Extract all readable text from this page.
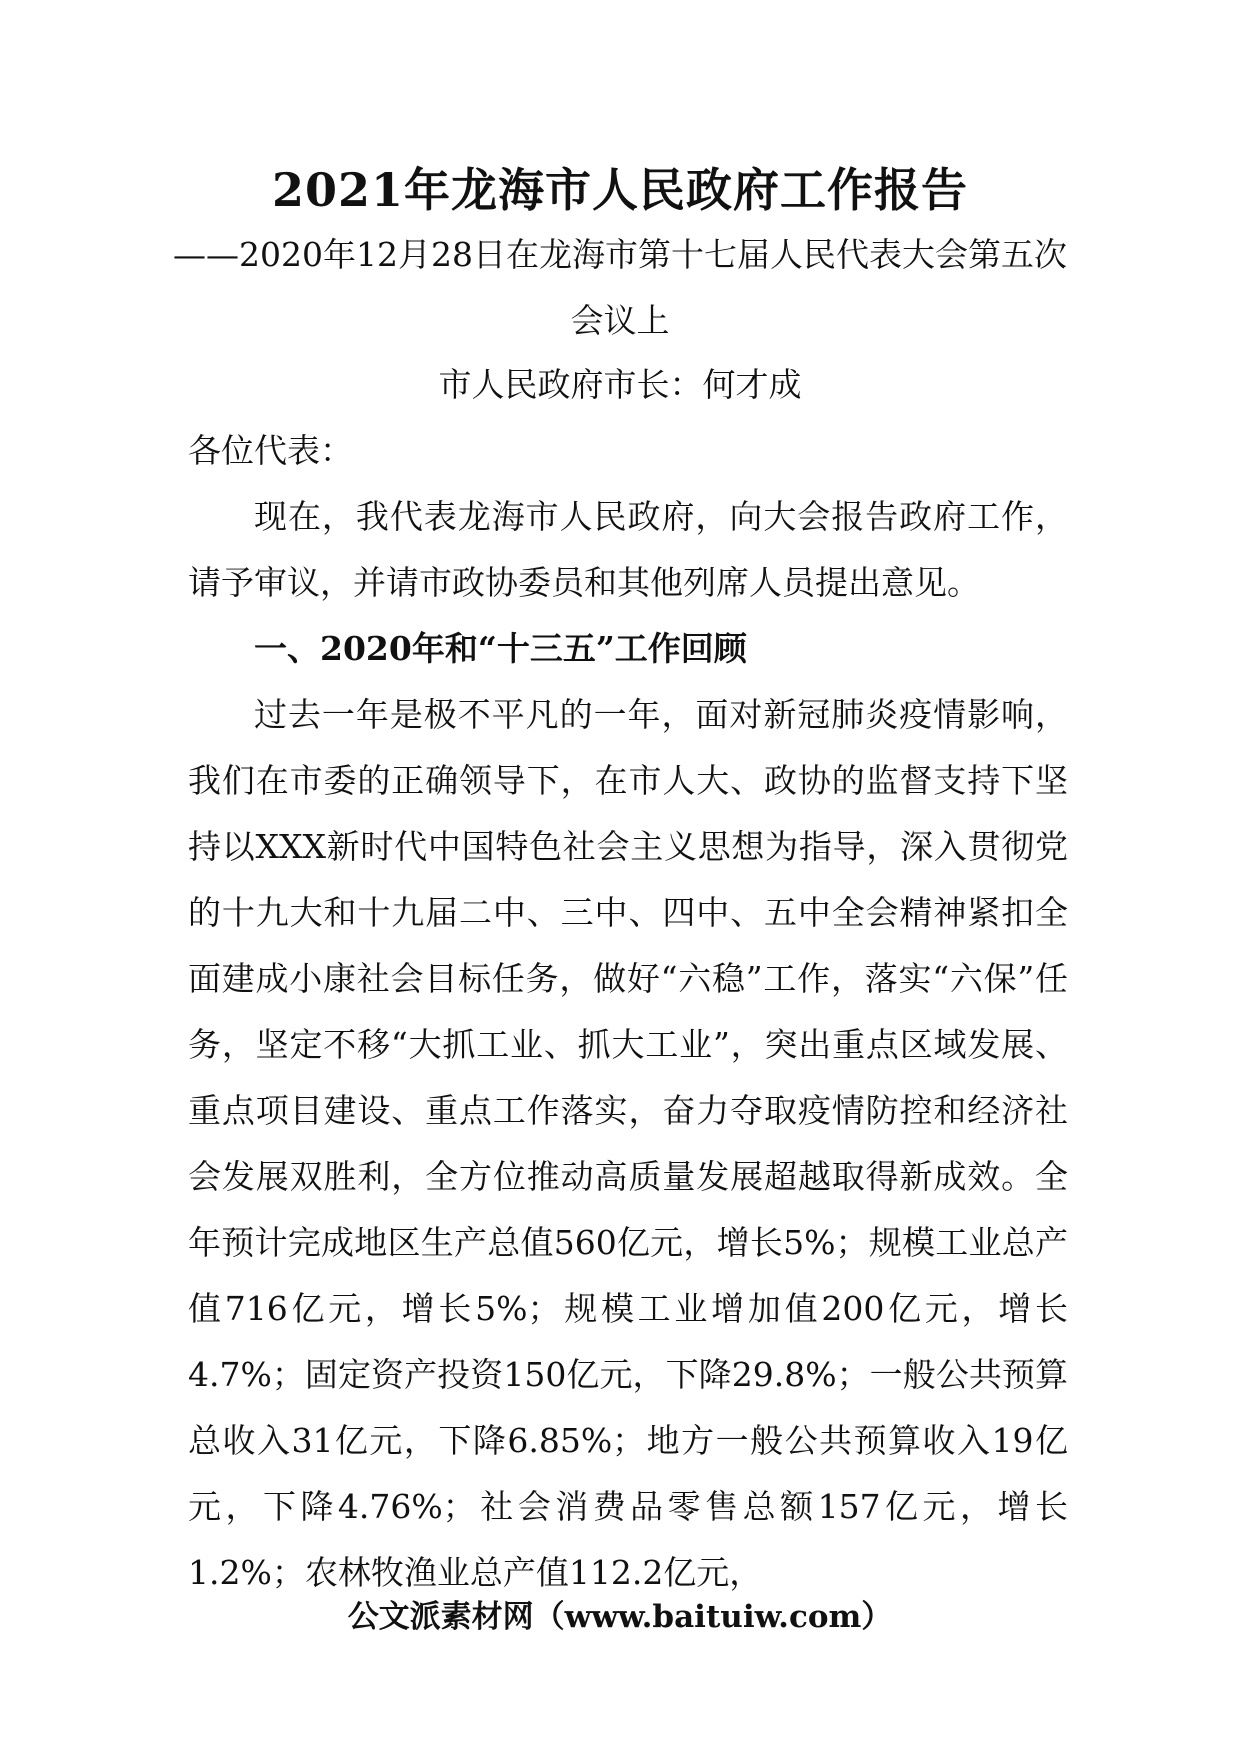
2021年龙海市人民政府工作报告
——2020年12月28日在龙海市第十七届人民代表大会第五次会议上
市人民政府市长：何才成

各位代表：

现在，我代表龙海市人民政府，向大会报告政府工作，请予审议，并请市政协委员和其他列席人员提出意见。

一、2020年和“十三五”工作回顾

过去一年是极不平凡的一年，面对新冠肺炎疫情影响，我们在市委的正确领导下，在市人大、政协的监督支持下坚持以XXX新时代中国特色社会主义思想为指导，深入贯彻党的十九大和十九届二中、三中、四中、五中全会精神紧扣全面建成小康社会目标任务，做好“六稳”工作，落实“六保”任务，坚定不移“大抓工业、抓大工业”，突出重点区域发展、重点项目建设、重点工作落实，奋力夺取疫情防控和经济社会发展双胜利，全方位推动高质量发展超越取得新成效。全年预计完成地区生产总值560亿元，增长5%；规模工业总产值716亿元，增长5%；规模工业增加值200亿元，增长4.7%；固定资产投资150亿元，下降29.8%；一般公共预算总收入31亿元，下降6.85%；地方一般公共预算收入19亿元，下降4.76%；社会消费品零售总额157亿元，增长1.2%；农林牧渔业总产值112.2亿元，

公文派素材网（www.baituiw.com）
